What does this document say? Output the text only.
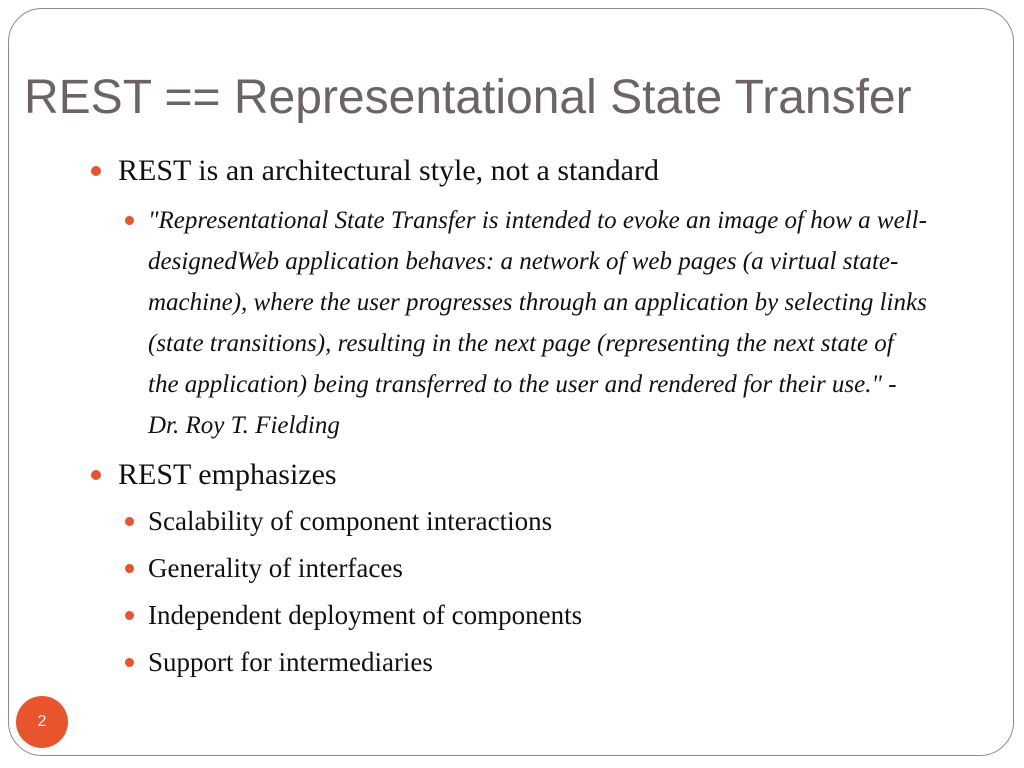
REST == Representational State Transfer

REST is an architectural style, not a standard

"Representational State Transfer is intended to evoke an image of how a well-designedWeb application behaves: a network of web pages (a virtual state-machine), where the user progresses through an application by selecting links (state transitions), resulting in the next page (representing the next state of the application) being transferred to the user and rendered for their use." -
Dr. Roy T. Fielding

REST emphasizes

Scalability of component interactions

Generality of interfaces

Independent deployment of components

Support for intermediaries

2
